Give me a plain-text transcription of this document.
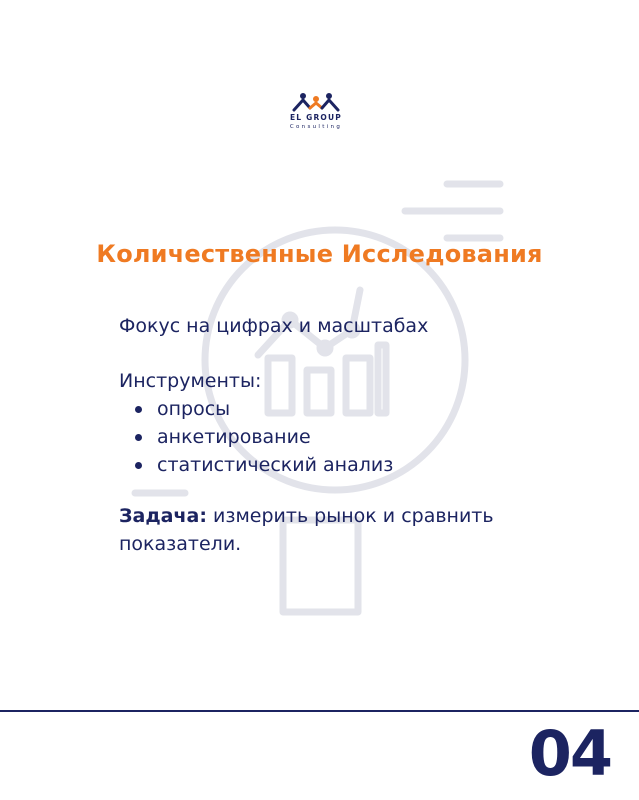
EL GROUP
Consulting
Количественные Исследования

Фокус на цифрах и масштабах

Инструменты:

опросы
анкетирование
статистический анализ

Задача: измерить рынок и сравнить показатели.

04
